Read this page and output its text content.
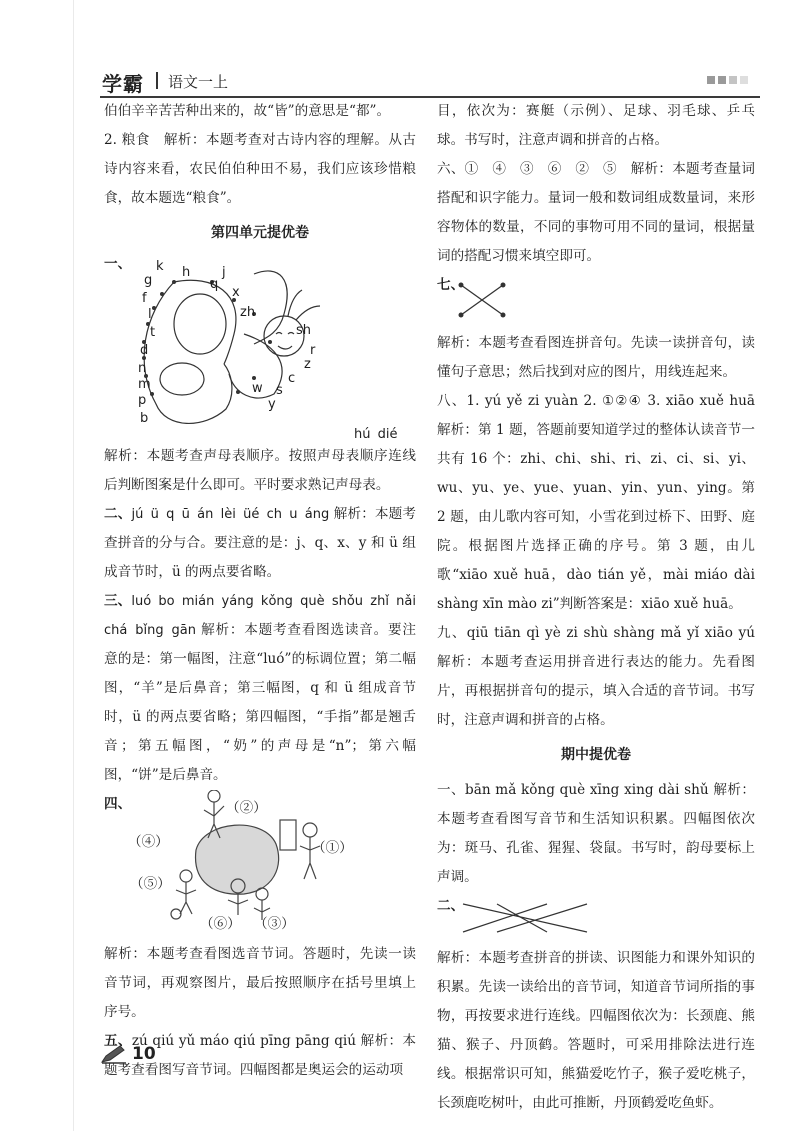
学霸 语文一上

伯伯辛辛苦苦种出来的，故“皆”的意思是“都”。

2. 粮食　解析：本题考查对古诗内容的理解。从古诗内容来看，农民伯伯种田不易，我们应该珍惜粮食，故本题选“粮食”。

第四单元提优卷
一、 k
g
h j
q
f	x
l	zh
t	sh
d	r
n	z
m	c
p
w s
b
y
hú dié

解析：本题考查声母表顺序。按照声母表顺序连线后判断图案是什么即可。平时要求熟记声母表。

二、jú ü q ū án lèi üé ch u áng 解析：本题考查拼音的分与合。要注意的是：j、q、x、y 和 ü 组成音节时，ü 的两点要省略。

三、luó bo mián yáng kǒng què shǒu zhǐ nǎi chá bǐng gān 解析：本题考查看图选读音。要注意的是：第一幅图，注意“luó”的标调位置；第二幅图，“羊”是后鼻音；第三幅图，q 和 ü 组成音节时，ü 的两点要省略；第四幅图，“手指”都是翘舌音；第五幅图，“奶”的声母是“n”；第六幅图，“饼”是后鼻音。

四、	（②）
（④）	（①）
（⑤）
（⑥） （③）

解析：本题考查看图选音节词。答题时，先读一读音节词，再观察图片，最后按照顺序在括号里填上序号。

五、zú qiú yǔ máo qiú pīng pāng qiú 解析：本题考查看图写音节词。四幅图都是奥运会的运动项

目，依次为：赛艇（示例）、足球、羽毛球、乒乓球。书写时，注意声调和拼音的占格。

六、①　④　③　⑥　②　⑤　解析：本题考查量词搭配和识字能力。量词一般和数词组成数量词，来形容物体的数量，不同的事物可用不同的量词，根据量词的搭配习惯来填空即可。

七、

解析：本题考查看图连拼音句。先读一读拼音句，读懂句子意思；然后找到对应的图片，用线连起来。

八、1. yú yě zi yuàn 2. ①②④ 3. xiāo xuě huā 解析：第 1 题，答题前要知道学过的整体认读音节一共有 16 个：zhi、chi、shi、ri、zi、ci、si、yi、wu、yu、ye、yue、yuan、yin、yun、ying。第 2 题，由儿歌内容可知，小雪花到过桥下、田野、庭院。根据图片选择正确的序号。第 3 题，由儿歌“xiāo xuě huā，dào tián yě，mài miáo dài shàng xīn mào zi”判断答案是：xiāo xuě huā。

九、qiū tiān qì yè zi shù shàng mǎ yǐ xiāo yú　解析：本题考查运用拼音进行表达的能力。先看图片，再根据拼音句的提示，填入合适的音节词。书写时，注意声调和拼音的占格。

期中提优卷

一、bān mǎ kǒng què xīng xing dài shǔ 解析：本题考查看图写音节和生活知识积累。四幅图依次为：斑马、孔雀、猩猩、袋鼠。书写时，韵母要标上声调。

二、

解析：本题考查拼音的拼读、识图能力和课外知识的积累。先读一读给出的音节词，知道音节词所指的事物，再按要求进行连线。四幅图依次为：长颈鹿、熊猫、猴子、丹顶鹤。答题时，可采用排除法进行连线。根据常识可知，熊猫爱吃竹子，猴子爱吃桃子，长颈鹿吃树叶，由此可推断，丹顶鹤爱吃鱼虾。

10
